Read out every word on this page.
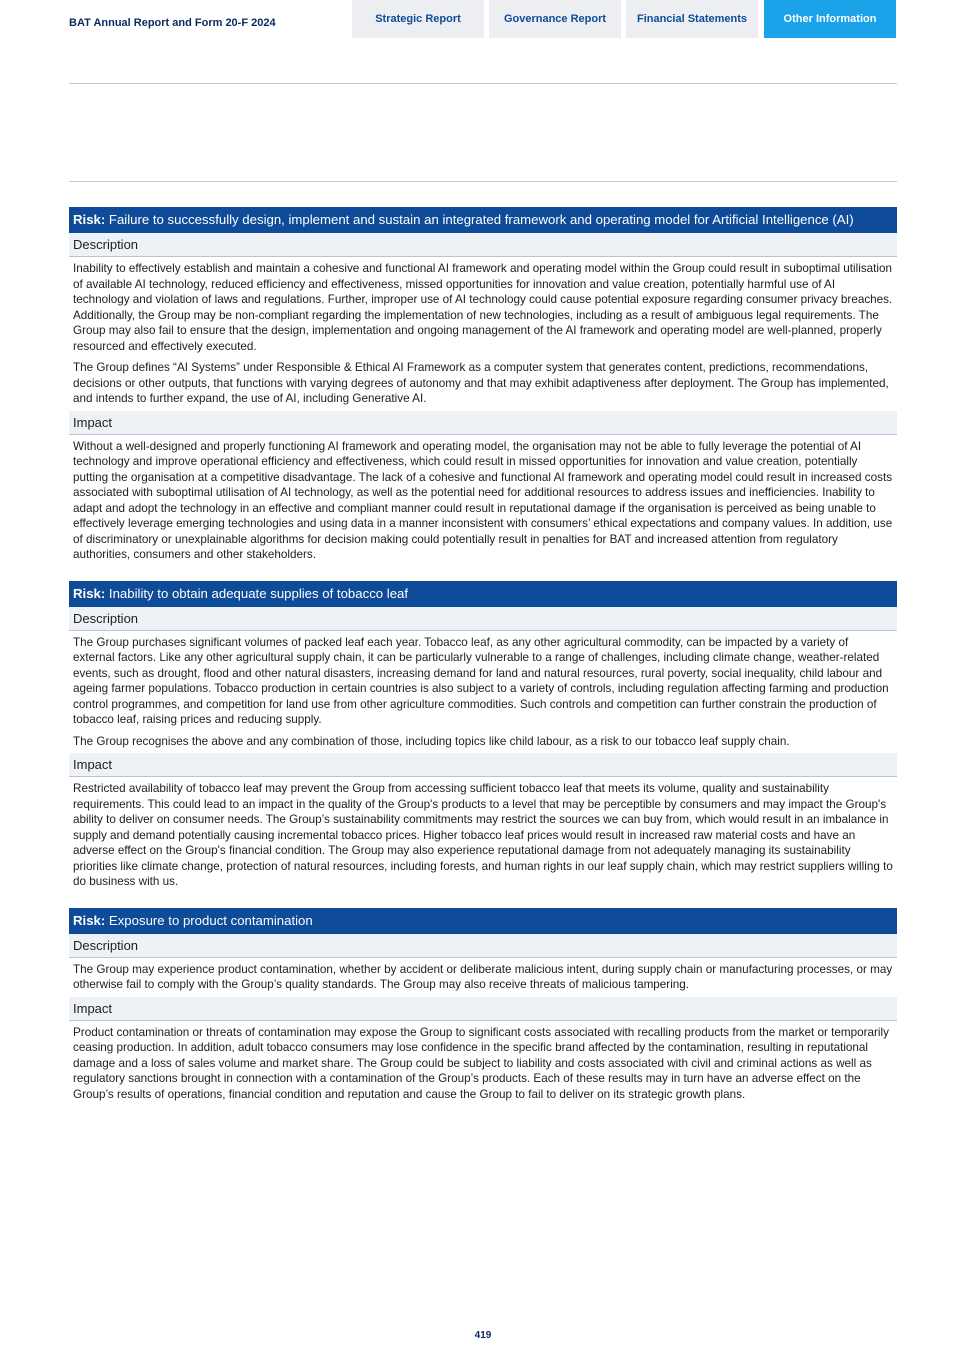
BAT Annual Report and Form 20-F 2024	Strategic Report	Governance Report	Financial Statements	Other Information
Risk: Failure to successfully design, implement and sustain an integrated framework and operating model for Artificial Intelligence (AI)
Description

Inability to effectively establish and maintain a cohesive and functional AI framework and operating model within the Group could result in suboptimal utilisation of available AI technology, reduced efficiency and effectiveness, missed opportunities for innovation and value creation, potentially harmful use of AI technology and violation of laws and regulations. Further, improper use of AI technology could cause potential exposure regarding consumer privacy breaches. Additionally, the Group may be non-compliant regarding the implementation of new technologies, including as a result of ambiguous legal requirements. The Group may also fail to ensure that the design, implementation and ongoing management of the AI framework and operating model are well-planned, properly resourced and effectively executed.

The Group defines “AI Systems” under Responsible & Ethical AI Framework as a computer system that generates content, predictions, recommendations, decisions or other outputs, that functions with varying degrees of autonomy and that may exhibit adaptiveness after deployment. The Group has implemented, and intends to further expand, the use of AI, including Generative AI.

Impact

Without a well-designed and properly functioning AI framework and operating model, the organisation may not be able to fully leverage the potential of AI technology and improve operational efficiency and effectiveness, which could result in missed opportunities for innovation and value creation, potentially putting the organisation at a competitive disadvantage. The lack of a cohesive and functional AI framework and operating model could result in increased costs associated with suboptimal utilisation of AI technology, as well as the potential need for additional resources to address issues and inefficiencies. Inability to adapt and adopt the technology in an effective and compliant manner could result in reputational damage if the organisation is perceived as being unable to effectively leverage emerging technologies and using data in a manner inconsistent with consumers’ ethical expectations and company values. In addition, use of discriminatory or unexplainable algorithms for decision making could potentially result in penalties for BAT and increased attention from regulatory authorities, consumers and other stakeholders.

Risk: Inability to obtain adequate supplies of tobacco leaf
Description

The Group purchases significant volumes of packed leaf each year. Tobacco leaf, as any other agricultural commodity, can be impacted by a variety of external factors. Like any other agricultural supply chain, it can be particularly vulnerable to a range of challenges, including climate change, weather-related events, such as drought, flood and other natural disasters, increasing demand for land and natural resources, rural poverty, social inequality, child labour and ageing farmer populations. Tobacco production in certain countries is also subject to a variety of controls, including regulation affecting farming and production control programmes, and competition for land use from other agriculture commodities. Such controls and competition can further constrain the production of tobacco leaf, raising prices and reducing supply.

The Group recognises the above and any combination of those, including topics like child labour, as a risk to our tobacco leaf supply chain.

Impact

Restricted availability of tobacco leaf may prevent the Group from accessing sufficient tobacco leaf that meets its volume, quality and sustainability requirements. This could lead to an impact in the quality of the Group's products to a level that may be perceptible by consumers and may impact the Group's ability to deliver on consumer needs. The Group’s sustainability commitments may restrict the sources we can buy from, which would result in an imbalance in supply and demand potentially causing incremental tobacco prices. Higher tobacco leaf prices would result in increased raw material costs and have an adverse effect on the Group's financial condition. The Group may also experience reputational damage from not adequately managing its sustainability priorities like climate change, protection of natural resources, including forests, and human rights in our leaf supply chain, which may restrict suppliers willing to do business with us.

Risk: Exposure to product contamination
Description

The Group may experience product contamination, whether by accident or deliberate malicious intent, during supply chain or manufacturing processes, or may otherwise fail to comply with the Group’s quality standards. The Group may also receive threats of malicious tampering.

Impact

Product contamination or threats of contamination may expose the Group to significant costs associated with recalling products from the market or temporarily ceasing production. In addition, adult tobacco consumers may lose confidence in the specific brand affected by the contamination, resulting in reputational damage and a loss of sales volume and market share. The Group could be subject to liability and costs associated with civil and criminal actions as well as regulatory sanctions brought in connection with a contamination of the Group’s products. Each of these results may in turn have an adverse effect on the Group’s results of operations, financial condition and reputation and cause the Group to fail to deliver on its strategic growth plans.

419
